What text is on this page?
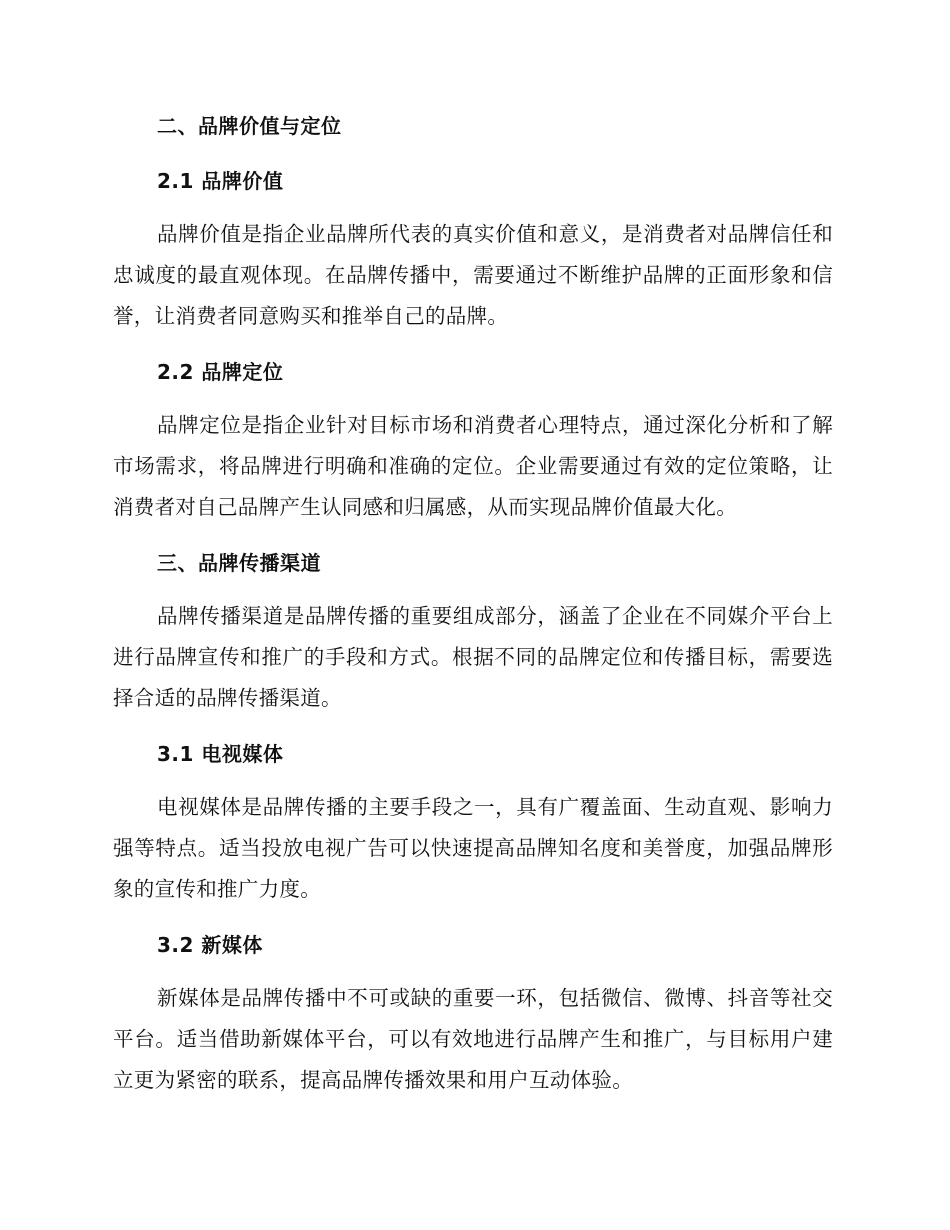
二、品牌价值与定位
2.1 品牌价值

品牌价值是指企业品牌所代表的真实价值和意义，是消费者对品牌信任和忠诚度的最直观体现。在品牌传播中，需要通过不断维护品牌的正面形象和信誉，让消费者同意购买和推举自己的品牌。

2.2 品牌定位

品牌定位是指企业针对目标市场和消费者心理特点，通过深化分析和了解市场需求，将品牌进行明确和准确的定位。企业需要通过有效的定位策略，让消费者对自己品牌产生认同感和归属感，从而实现品牌价值最大化。

三、品牌传播渠道

品牌传播渠道是品牌传播的重要组成部分，涵盖了企业在不同媒介平台上进行品牌宣传和推广的手段和方式。根据不同的品牌定位和传播目标，需要选择合适的品牌传播渠道。

3.1 电视媒体

电视媒体是品牌传播的主要手段之一，具有广覆盖面、生动直观、影响力强等特点。适当投放电视广告可以快速提高品牌知名度和美誉度，加强品牌形象的宣传和推广力度。

3.2 新媒体

新媒体是品牌传播中不可或缺的重要一环，包括微信、微博、抖音等社交平台。适当借助新媒体平台，可以有效地进行品牌产生和推广，与目标用户建立更为紧密的联系，提高品牌传播效果和用户互动体验。
